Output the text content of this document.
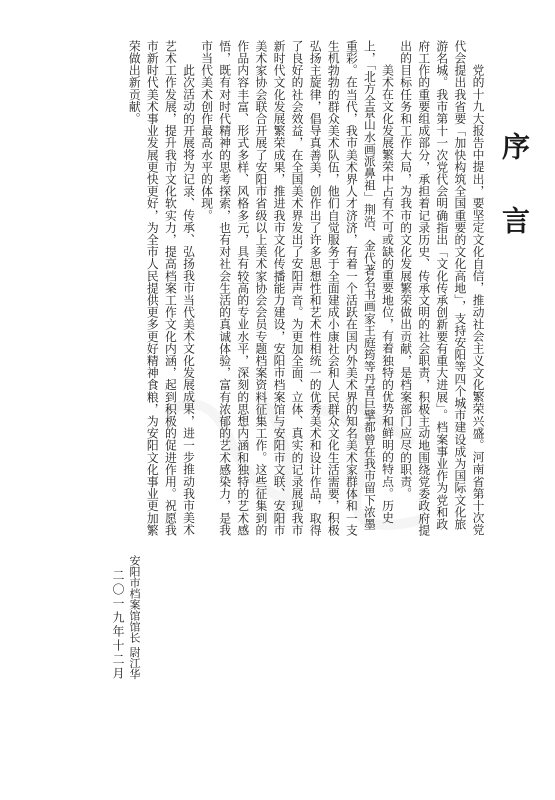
序 言

党的十九大报告中提出，要坚定文化自信，推动社会主义文化繁荣兴盛。河南省第十次党代会提出我省要「加快构筑全国重要的文化高地」，支持安阳等四个城市建设成为国际文化旅游名城。我市第十一次党代会明确指出「文化传承创新要有重大进展」。档案事业作为党和政府工作的重要组成部分，承担着记录历史、传承文明的社会职责，积极主动地围绕党委政府提出的目标任务和工作大局，为我市的文化发展繁荣做出贡献，是档案部门应尽的职责。

美术在文化发展繁荣中占有不可或缺的重要地位，有着独特的优势和鲜明的特点。历史上，「北方全景山水画派鼻祖」荆浩、金代著名书画家王庭筠等丹青巨擘都曾在我市留下浓墨重彩。在当代，我市美术界人才济济，有着一个活跃在国内外美术界的知名美术家群体和一支生机勃勃的群众美术队伍，他们自觉服务于全面建成小康社会和人民群众文化生活需要，积极弘扬主旋律，倡导真善美，创作出了许多思想性和艺术性相统一的优秀美术和设计作品，取得了良好的社会效益，在全国美术界发出了安阳声音。为更加全面、立体、真实的记录展现我市新时代文化发展繁荣成果，推进我市文化传播能力建设，安阳市档案馆与安阳市文联、安阳市美术家协会联合开展了安阳市省级以上美术家协会会员专题档案资料征集工作。这些征集到的作品内容丰富、形式多样、风格多元，具有较高的专业水平，深刻的思想内涵和独特的艺术感悟，既有对时代精神的思考探索，也有对社会生活的真诚体验，富有浓郁的艺术感染力，是我市当代美术创作最高水平的体现。

此次活动的开展将为记录、传承、弘扬我市当代美术文化发展成果，进一步推动我市美术艺术工作发展，提升我市文化软实力，提高档案工作文化内涵，起到积极的促进作用。祝愿我市新时代美术事业发展更快更好，为全市人民提供更多更好精神食粮，为安阳文化事业更加繁荣做出新贡献。

安阳市档案馆馆长 尉江华
二〇一九年十二月
